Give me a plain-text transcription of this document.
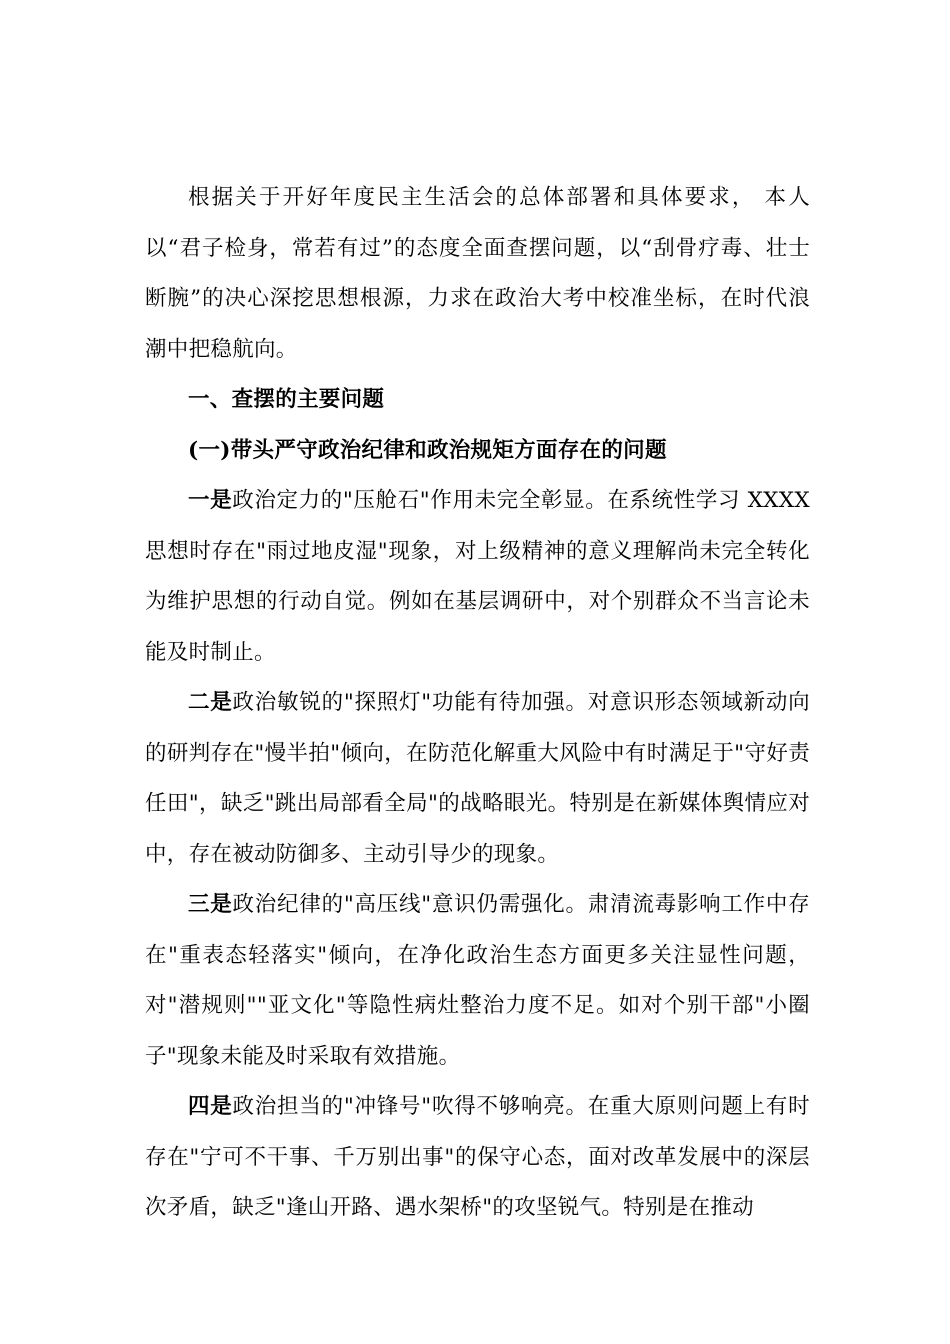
根据关于开好年度民主生活会的总体部署和具体要求， 本人以“君子检身，常若有过”的态度全面查摆问题，以“刮骨疗毒、壮士断腕”的决心深挖思想根源，力求在政治大考中校准坐标，在时代浪潮中把稳航向。

一、查摆的主要问题

(一)带头严守政治纪律和政治规矩方面存在的问题

一是政治定力的"压舱石"作用未完全彰显。在系统性学习 XXXX 思想时存在"雨过地皮湿"现象，对上级精神的意义理解尚未完全转化为维护思想的行动自觉。例如在基层调研中，对个别群众不当言论未能及时制止。

二是政治敏锐的"探照灯"功能有待加强。对意识形态领域新动向的研判存在"慢半拍"倾向，在防范化解重大风险中有时满足于"守好责任田"，缺乏"跳出局部看全局"的战略眼光。特别是在新媒体舆情应对中，存在被动防御多、主动引导少的现象。

三是政治纪律的"高压线"意识仍需强化。肃清流毒影响工作中存在"重表态轻落实"倾向，在净化政治生态方面更多关注显性问题，对"潜规则""亚文化"等隐性病灶整治力度不足。如对个别干部"小圈子"现象未能及时采取有效措施。

四是政治担当的"冲锋号"吹得不够响亮。在重大原则问题上有时存在"宁可不干事、千万别出事"的保守心态，面对改革发展中的深层次矛盾，缺乏"逢山开路、遇水架桥"的攻坚锐气。特别是在推动
